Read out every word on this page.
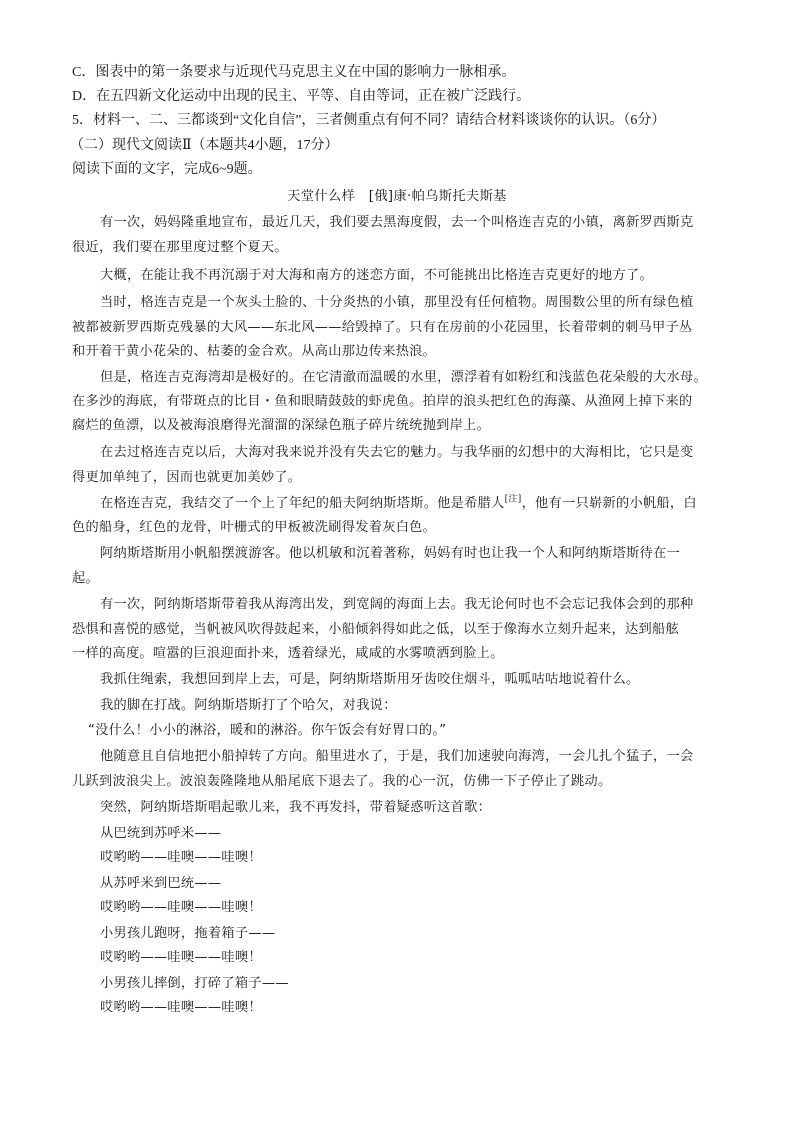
C．图表中的第一条要求与近现代马克思主义在中国的影响力一脉相承。
D．在五四新文化运动中出现的民主、平等、自由等词，正在被广泛践行。
5．材料一、二、三都谈到“文化自信”，三者侧重点有何不同？请结合材料谈谈你的认识。（6分）
（二）现代文阅读Ⅱ（本题共4小题，17分）
阅读下面的文字，完成6~9题。
天堂什么样　[俄]康·帕乌斯托夫斯基
有一次，妈妈隆重地宣布，最近几天，我们要去黑海度假，去一个叫格连吉克的小镇，离新罗西斯克
很近，我们要在那里度过整个夏天。
大概，在能让我不再沉溺于对大海和南方的迷恋方面，不可能挑出比格连吉克更好的地方了。
当时，格连吉克是一个灰头土脸的、十分炎热的小镇，那里没有任何植物。周围数公里的所有绿色植
被都被新罗西斯克残暴的大风——东北风——给毁掉了。只有在房前的小花园里，长着带刺的刺马甲子丛
和开着干黄小花朵的、枯萎的金合欢。从高山那边传来热浪。
但是，格连吉克海湾却是极好的。在它清澈而温暖的水里，漂浮着有如粉红和浅蓝色花朵般的大水母。
在多沙的海底，有带斑点的比目・鱼和眼睛鼓鼓的虾虎鱼。拍岸的浪头把红色的海藻、从渔网上掉下来的
腐烂的鱼漂，以及被海浪磨得光溜溜的深绿色瓶子碎片统统抛到岸上。
在去过格连吉克以后，大海对我来说并没有失去它的魅力。与我华丽的幻想中的大海相比，它只是变
得更加单纯了，因而也就更加美妙了。
在格连吉克，我结交了一个上了年纪的船夫阿纳斯塔斯。他是希腊人[注]，他有一只崭新的小帆船，白
色的船身，红色的龙骨，叶栅式的甲板被洗刷得发着灰白色。
阿纳斯塔斯用小帆船摆渡游客。他以机敏和沉着著称，妈妈有时也让我一个人和阿纳斯塔斯待在一
起。
有一次，阿纳斯塔斯带着我从海湾出发，到宽阔的海面上去。我无论何时也不会忘记我体会到的那种
恐惧和喜悦的感觉，当帆被风吹得鼓起来，小船倾斜得如此之低，以至于像海水立刻升起来，达到船舷
一样的高度。喧嚣的巨浪迎面扑来，透着绿光，咸咸的水雾喷洒到脸上。
我抓住绳索，我想回到岸上去，可是，阿纳斯塔斯用牙齿咬住烟斗，呱呱咕咕地说着什么。
我的脚在打战。阿纳斯塔斯打了个哈欠，对我说：
“没什么！小小的淋浴，暖和的淋浴。你午饭会有好胃口的。”
他随意且自信地把小船掉转了方向。船里进水了，于是，我们加速驶向海湾，一会儿扎个猛子，一会
儿跃到波浪尖上。波浪轰隆隆地从船尾底下退去了。我的心一沉，仿佛一下子停止了跳动。
突然，阿纳斯塔斯唱起歌儿来，我不再发抖，带着疑惑听这首歌：
从巴统到苏呼米——
哎哟哟——哇噢——哇噢！
从苏呼米到巴统——
哎哟哟——哇噢——哇噢！
小男孩儿跑呀，拖着箱子——
哎哟哟——哇噢——哇噢！
小男孩儿摔倒，打碎了箱子——
哎哟哟——哇噢——哇噢！
